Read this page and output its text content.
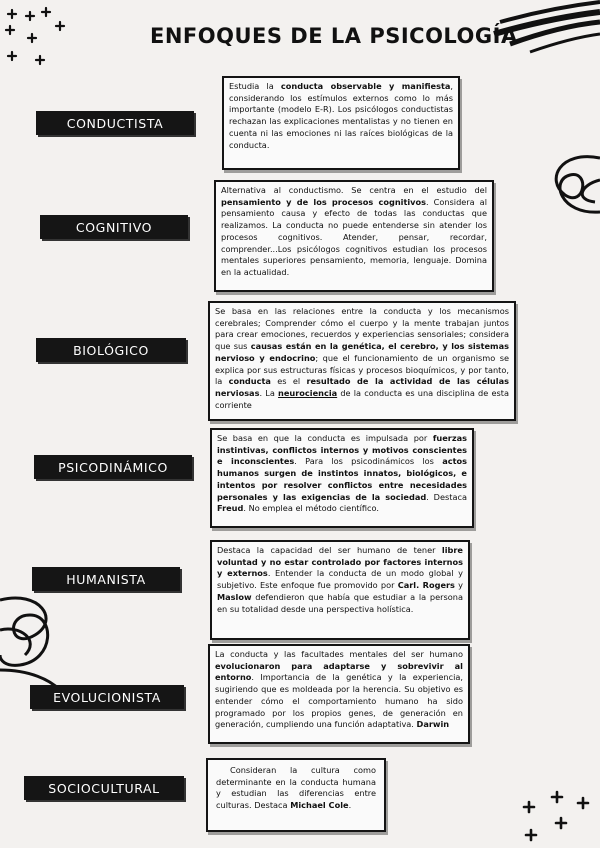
ENFOQUES DE LA PSICOLOGÍA
CONDUCTISTA
COGNITIVO
BIOLÓGICO
PSICODINÁMICO
HUMANISTA
EVOLUCIONISTA
SOCIOCULTURAL

Estudia la conducta observable y manifiesta, considerando los estímulos externos como lo más importante (modelo E-R). Los psicólogos conductistas rechazan las explicaciones mentalistas y no tienen en cuenta ni las emociones ni las raíces biológicas de la conducta.

Alternativa al conductismo. Se centra en el estudio del pensamiento y de los procesos cognitivos. Considera al pensamiento causa y efecto de todas las conductas que realizamos. La conducta no puede entenderse sin atender los procesos cognitivos. Atender, pensar, recordar, comprender...Los psicólogos cognitivos estudian los procesos mentales superiores pensamiento, memoria, lenguaje. Domina en la actualidad.

Se basa en las relaciones entre la conducta y los mecanismos cerebrales; Comprender cómo el cuerpo y la mente trabajan juntos para crear emociones, recuerdos y experiencias sensoriales; considera que sus causas están en la genética, el cerebro, y los sistemas nervioso y endocrino; que el funcionamiento de un organismo se explica por sus estructuras físicas y procesos bioquímicos, y por tanto, la conducta es el resultado de la actividad de las células nerviosas. La neurociencia de la conducta es una disciplina de esta corriente

Se basa en que la conducta es impulsada por fuerzas instintivas, conflictos internos y motivos conscientes e inconscientes. Para los psicodinámicos los actos humanos surgen de instintos innatos, biológicos, e intentos por resolver conflictos entre necesidades personales y las exigencias de la sociedad. Destaca Freud. No emplea el método científico.

Destaca la capacidad del ser humano de tener libre voluntad y no estar controlado por factores internos y externos. Entender la conducta de un modo global y subjetivo. Este enfoque fue promovido por Carl. Rogers y Maslow defendieron que había que estudiar a la persona en su totalidad desde una perspectiva holística.

La conducta y las facultades mentales del ser humano evolucionaron para adaptarse y sobrevivir al entorno. Importancia de la genética y la experiencia, sugiriendo que es moldeada por la herencia. Su objetivo es entender cómo el comportamiento humano ha sido programado por los propios genes, de generación en generación, cumpliendo una función adaptativa. Darwin

Consideran la cultura como determinante en la conducta humana y estudian las diferencias entre culturas. Destaca Michael Cole.
